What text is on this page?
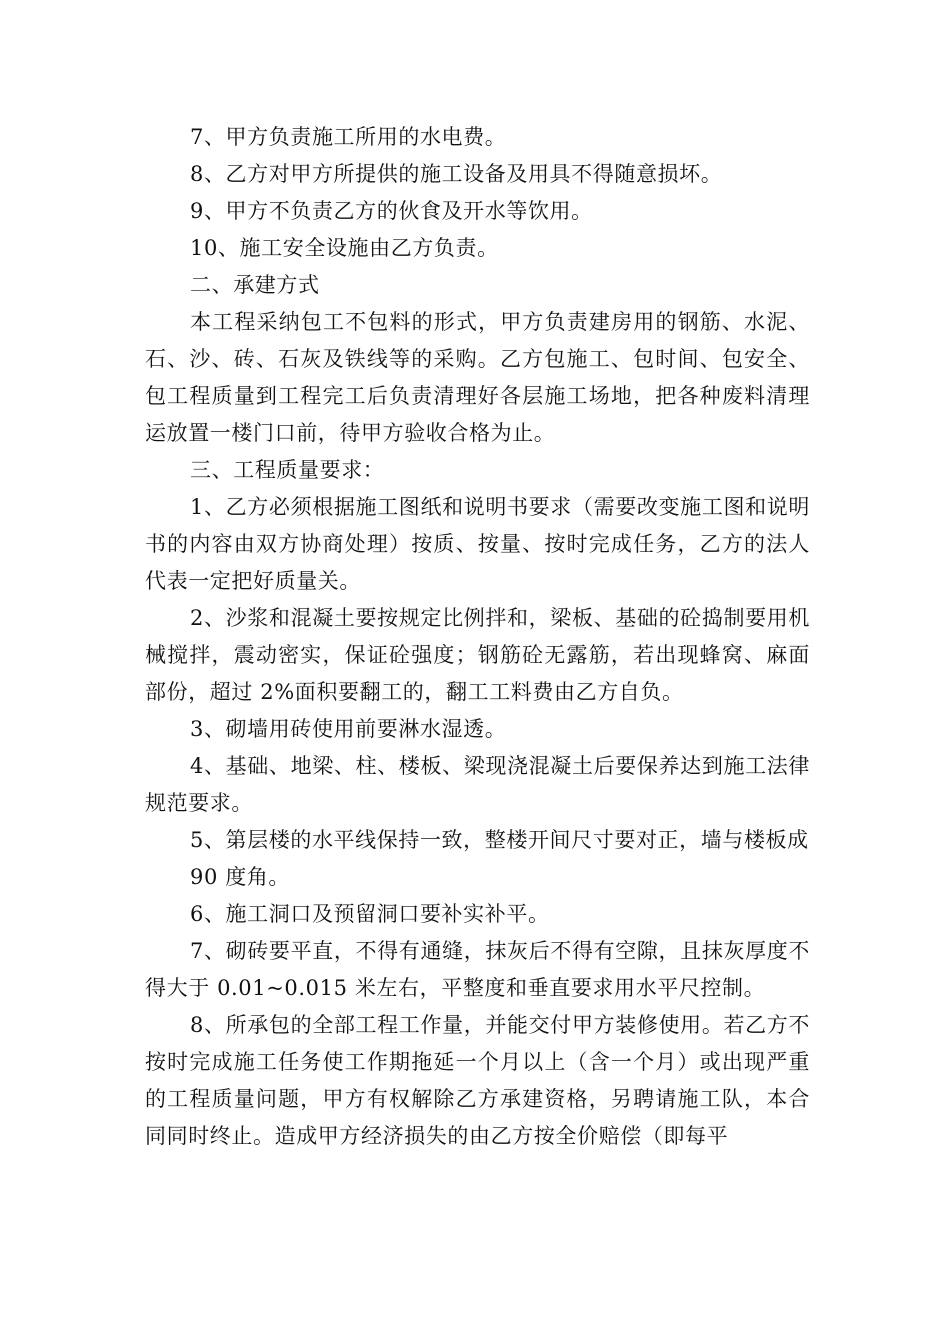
7、甲方负责施工所用的水电费。

8、乙方对甲方所提供的施工设备及用具不得随意损坏。

9、甲方不负责乙方的伙食及开水等饮用。

10、施工安全设施由乙方负责。

二、承建方式

本工程采纳包工不包料的形式，甲方负责建房用的钢筋、水泥、石、沙、砖、石灰及铁线等的采购。乙方包施工、包时间、包安全、包工程质量到工程完工后负责清理好各层施工场地，把各种废料清理运放置一楼门口前，待甲方验收合格为止。

三、工程质量要求：

1、乙方必须根据施工图纸和说明书要求（需要改变施工图和说明书的内容由双方协商处理）按质、按量、按时完成任务，乙方的法人代表一定把好质量关。

2、沙浆和混凝土要按规定比例拌和，梁板、基础的砼捣制要用机械搅拌，震动密实，保证砼强度；钢筋砼无露筋，若出现蜂窝、麻面部份，超过 2%面积要翻工的，翻工工料费由乙方自负。

3、砌墙用砖使用前要淋水湿透。

4、基础、地梁、柱、楼板、梁现浇混凝土后要保养达到施工法律规范要求。

5、第层楼的水平线保持一致，整楼开间尺寸要对正，墙与楼板成

90 度角。

6、施工洞口及预留洞口要补实补平。

7、砌砖要平直，不得有通缝，抹灰后不得有空隙，且抹灰厚度不得大于 0.01~0.015 米左右，平整度和垂直要求用水平尺控制。

8、所承包的全部工程工作量，并能交付甲方装修使用。若乙方不按时完成施工任务使工作期拖延一个月以上（含一个月）或出现严重的工程质量问题，甲方有权解除乙方承建资格，另聘请施工队，本合同同时终止。造成甲方经济损失的由乙方按全价赔偿（即每平
